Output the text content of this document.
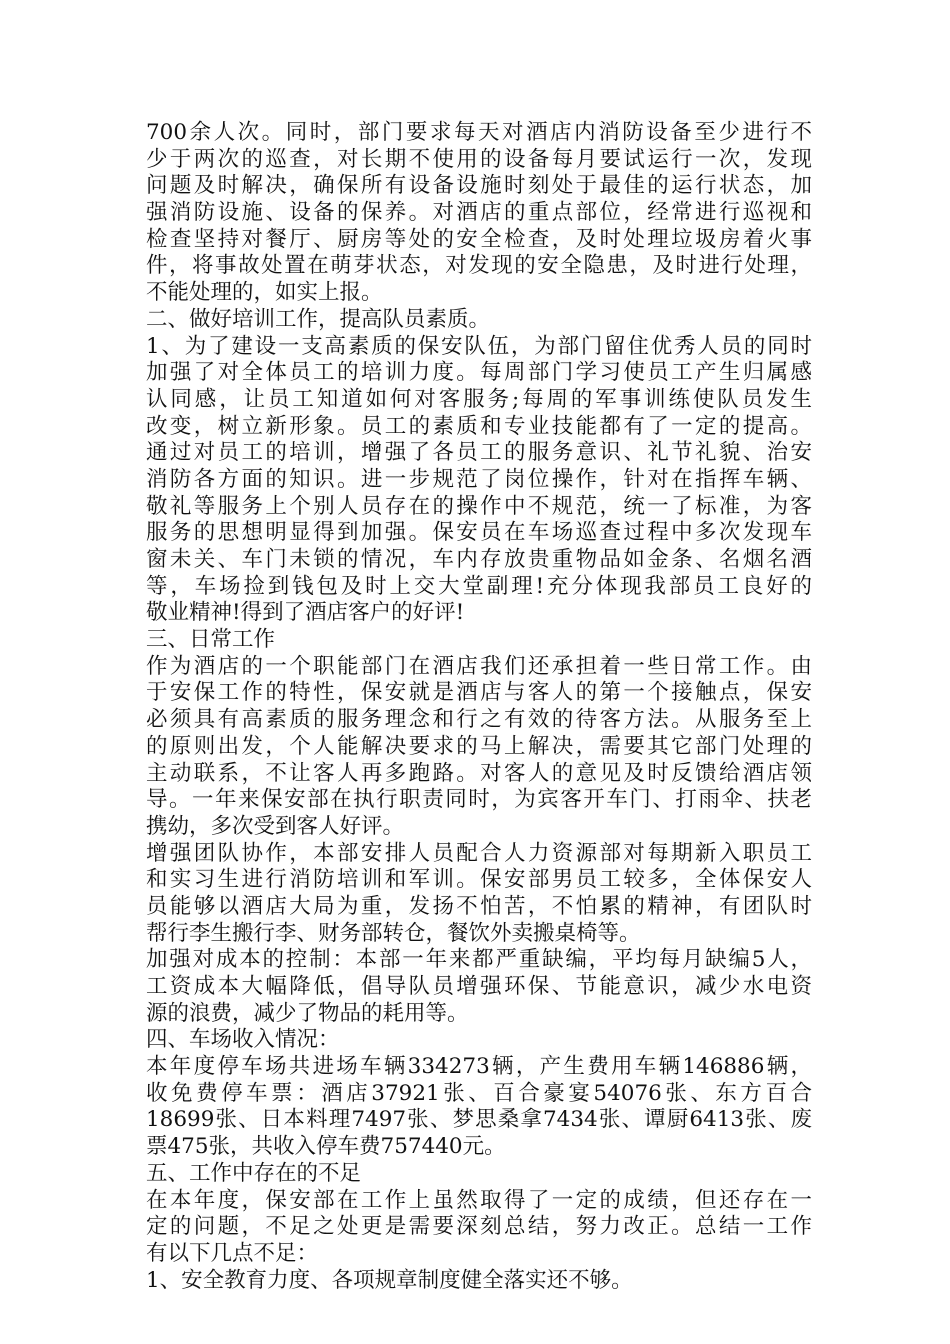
700余人次。同时，部门要求每天对酒店内消防设备至少进行不
少于两次的巡查，对长期不使用的设备每月要试运行一次，发现
问题及时解决，确保所有设备设施时刻处于最佳的运行状态，加
强消防设施、设备的保养。对酒店的重点部位，经常进行巡视和
检查坚持对餐厅、厨房等处的安全检查，及时处理垃圾房着火事
件，将事故处置在萌芽状态，对发现的安全隐患，及时进行处理，
不能处理的，如实上报。
二、做好培训工作，提高队员素质。
1、为了建设一支高素质的保安队伍，为部门留住优秀人员的同时
加强了对全体员工的培训力度。每周部门学习使员工产生归属感
认同感，让员工知道如何对客服务;每周的军事训练使队员发生
改变，树立新形象。员工的素质和专业技能都有了一定的提高。
通过对员工的培训，增强了各员工的服务意识、礼节礼貌、治安
消防各方面的知识。进一步规范了岗位操作，针对在指挥车辆、
敬礼等服务上个别人员存在的操作中不规范，统一了标准，为客
服务的思想明显得到加强。保安员在车场巡查过程中多次发现车
窗未关、车门未锁的情况，车内存放贵重物品如金条、名烟名酒
等，车场捡到钱包及时上交大堂副理!充分体现我部员工良好的
敬业精神!得到了酒店客户的好评!
三、日常工作
作为酒店的一个职能部门在酒店我们还承担着一些日常工作。由
于安保工作的特性，保安就是酒店与客人的第一个接触点，保安
必须具有高素质的服务理念和行之有效的待客方法。从服务至上
的原则出发，个人能解决要求的马上解决，需要其它部门处理的
主动联系，不让客人再多跑路。对客人的意见及时反馈给酒店领
导。一年来保安部在执行职责同时，为宾客开车门、打雨伞、扶老
携幼，多次受到客人好评。
增强团队协作，本部安排人员配合人力资源部对每期新入职员工
和实习生进行消防培训和军训。保安部男员工较多，全体保安人
员能够以酒店大局为重，发扬不怕苦，不怕累的精神，有团队时
帮行李生搬行李、财务部转仓，餐饮外卖搬桌椅等。
加强对成本的控制：本部一年来都严重缺编，平均每月缺编5人，
工资成本大幅降低，倡导队员增强环保、节能意识，减少水电资
源的浪费，减少了物品的耗用等。
四、车场收入情况：
本年度停车场共进场车辆334273辆，产生费用车辆146886辆，
收免费停车票：酒店37921张、百合豪宴54076张、东方百合
18699张、日本料理7497张、梦思桑拿7434张、谭厨6413张、废
票475张，共收入停车费757440元。
五、工作中存在的不足
在本年度，保安部在工作上虽然取得了一定的成绩，但还存在一
定的问题，不足之处更是需要深刻总结，努力改正。总结一工作
有以下几点不足：
1、安全教育力度、各项规章制度健全落实还不够。
